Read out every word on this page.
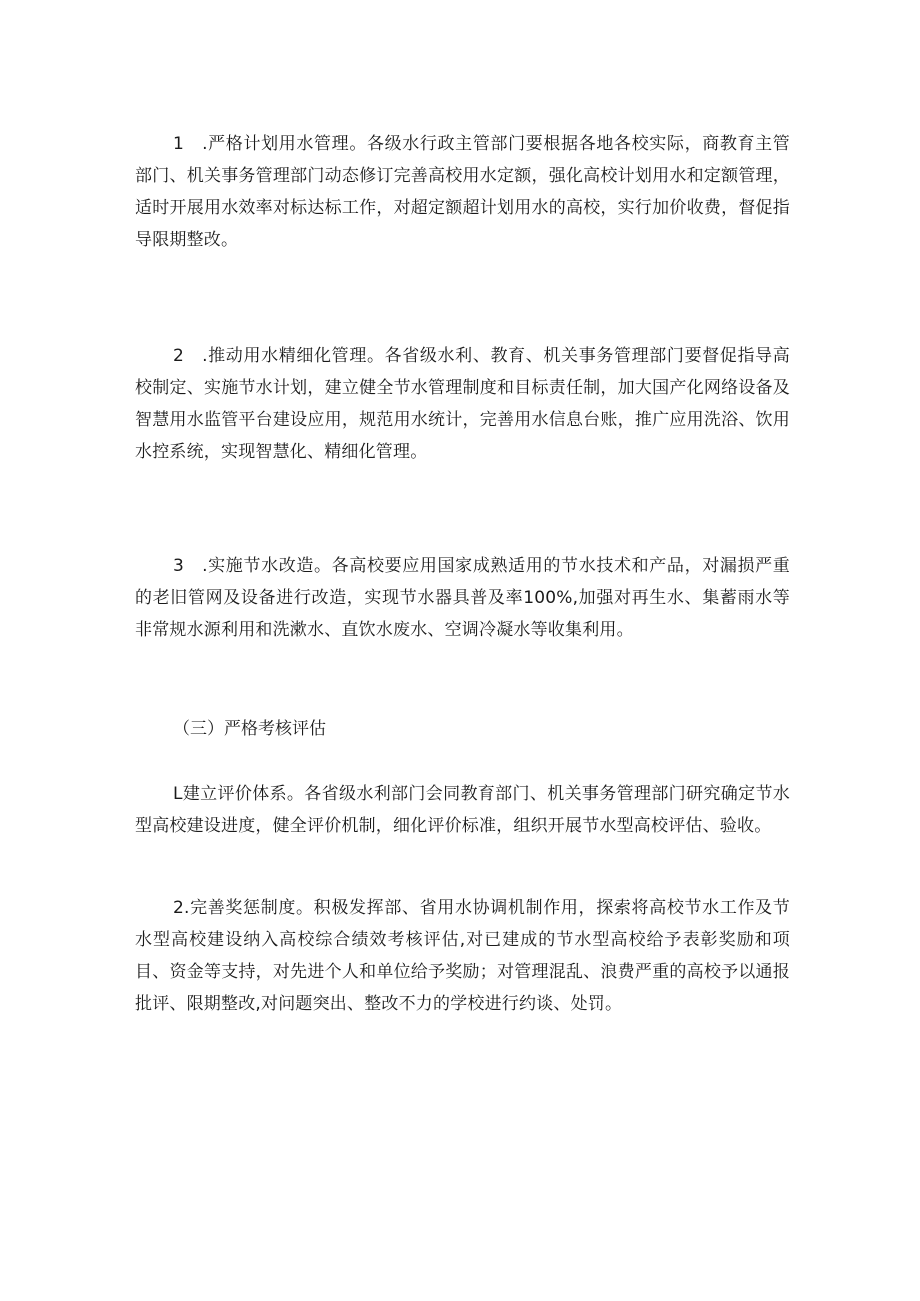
1　.严格计划用水管理。各级水行政主管部门要根据各地各校实际，商教育主管部门、机关事务管理部门动态修订完善高校用水定额，强化高校计划用水和定额管理，适时开展用水效率对标达标工作，对超定额超计划用水的高校，实行加价收费，督促指导限期整改。

2　.推动用水精细化管理。各省级水利、教育、机关事务管理部门要督促指导高校制定、实施节水计划，建立健全节水管理制度和目标责任制，加大国产化网络设备及智慧用水监管平台建设应用，规范用水统计，完善用水信息台账，推广应用洗浴、饮用水控系统，实现智慧化、精细化管理。

3　.实施节水改造。各高校要应用国家成熟适用的节水技术和产品，对漏损严重的老旧管网及设备进行改造，实现节水器具普及率100%,加强对再生水、集蓄雨水等非常规水源利用和洗漱水、直饮水废水、空调冷凝水等收集利用。

（三）严格考核评估

L建立评价体系。各省级水利部门会同教育部门、机关事务管理部门研究确定节水型高校建设进度，健全评价机制，细化评价标准，组织开展节水型高校评估、验收。

2.完善奖惩制度。积极发挥部、省用水协调机制作用，探索将高校节水工作及节水型高校建设纳入高校综合绩效考核评估,对已建成的节水型高校给予表彰奖励和项目、资金等支持，对先进个人和单位给予奖励；对管理混乱、浪费严重的高校予以通报批评、限期整改,对问题突出、整改不力的学校进行约谈、处罚。
